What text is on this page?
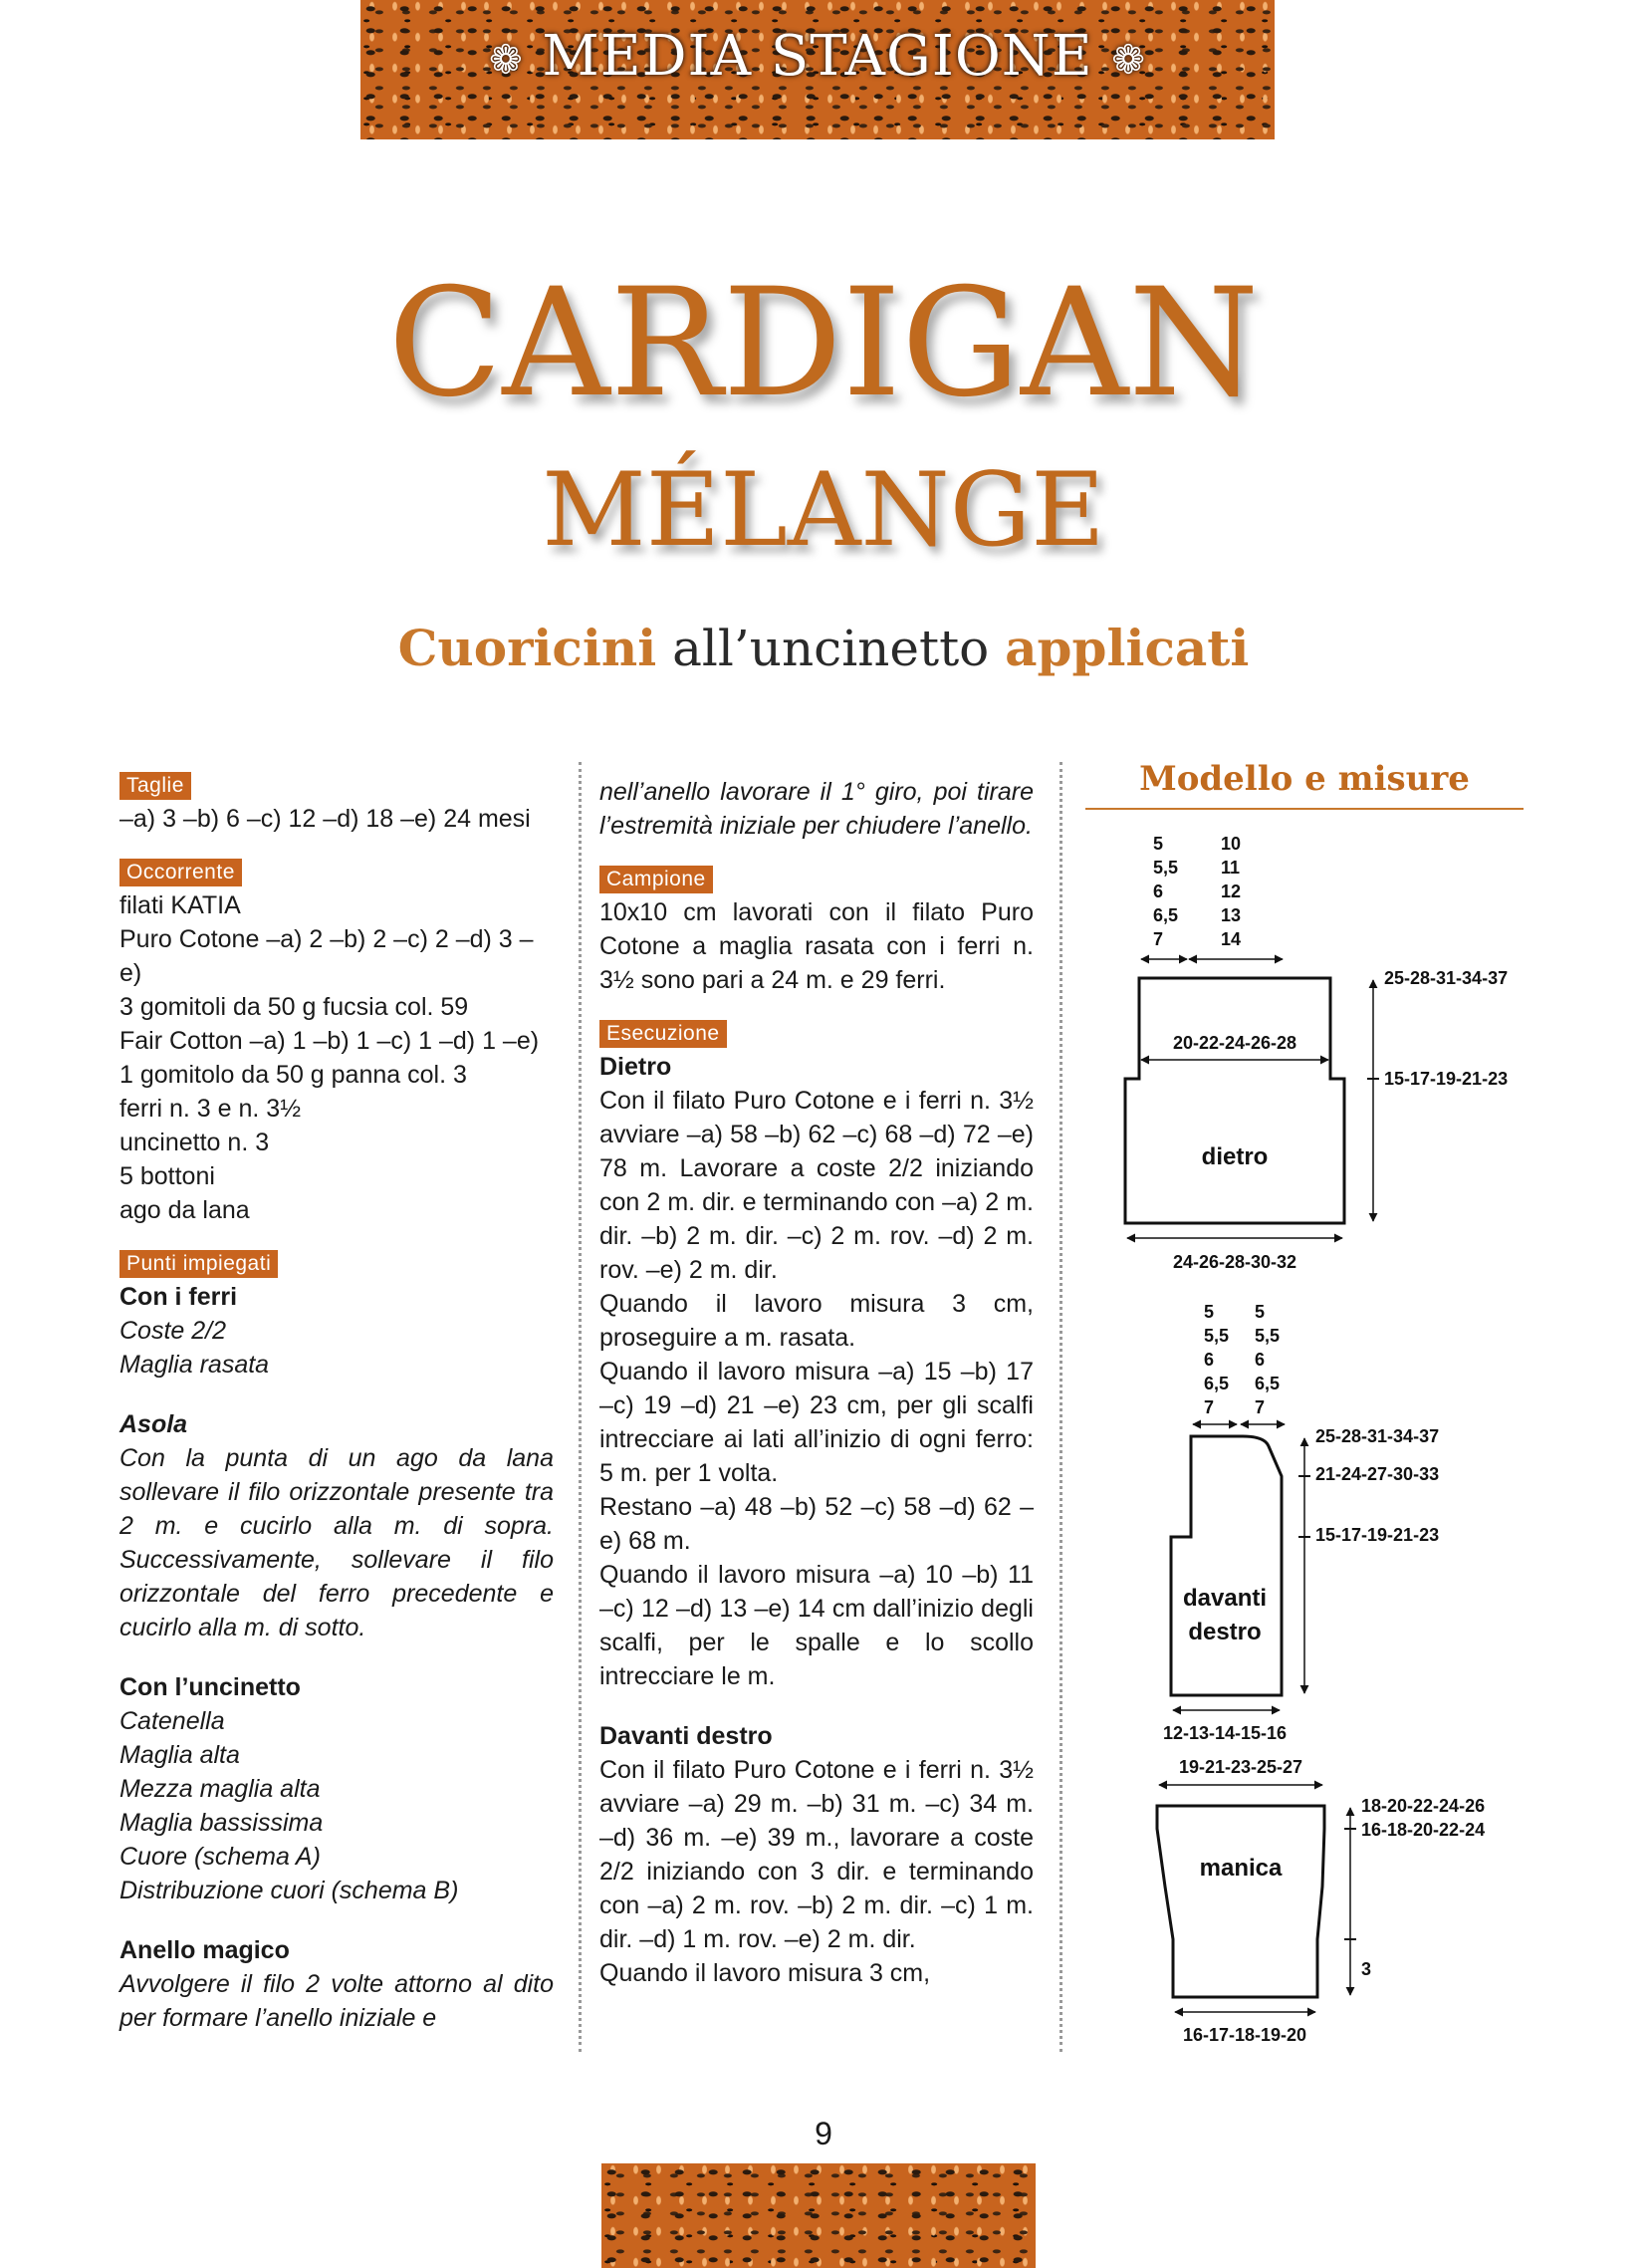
❁ MEDIA STAGIONE ❁
CARDIGAN
MÉLANGE
Cuoricini all’uncinetto applicati
Taglie
–a) 3 –b) 6 –c) 12 –d) 18 –e) 24 mesi
Occorrente
filati KATIA
Puro Cotone –a) 2 –b) 2 –c) 2 –d) 3 –e)
3 gomitoli da 50 g fucsia col. 59
Fair Cotton –a) 1 –b) 1 –c) 1 –d) 1 –e)
1 gomitolo da 50 g panna col. 3
ferri n. 3 e n. 3½
uncinetto n. 3
5 bottoni
ago da lana
Punti impiegati
Con i ferri
Coste 2/2
Maglia rasata
Asola
Con la punta di un ago da lana sollevare il filo orizzontale presente tra 2 m. e cucirlo alla m. di sopra. Successivamente, sollevare il filo orizzontale del ferro precedente e cucirlo alla m. di sotto.
Con l’uncinetto
Catenella
Maglia alta
Mezza maglia alta
Maglia bassissima
Cuore (schema A)
Distribuzione cuori (schema B)
Anello magico
Avvolgere il filo 2 volte attorno al dito per formare l’anello iniziale e
nell’anello lavorare il 1° giro, poi tirare l’estremità iniziale per chiudere l’anello.
Campione
10x10 cm lavorati con il filato Puro Cotone a maglia rasata con i ferri n. 3½ sono pari a 24 m. e 29 ferri.
Esecuzione
Dietro
Con il filato Puro Cotone e i ferri n. 3½ avviare –a) 58 –b) 62 –c) 68 –d) 72 –e) 78 m. Lavorare a coste 2/2 iniziando con 2 m. dir. e terminando con –a) 2 m. dir. –b) 2 m. dir. –c) 2 m. rov. –d) 2 m. rov. –e) 2 m. dir.
Quando il lavoro misura 3 cm, proseguire a m. rasata.
Quando il lavoro misura –a) 15 –b) 17 –c) 19 –d) 21 –e) 23 cm, per gli scalfi intrecciare ai lati all’inizio di ogni ferro: 5 m. per 1 volta.
Restano –a) 48 –b) 52 –c) 58 –d) 62 –e) 68 m.
Quando il lavoro misura –a) 10 –b) 11 –c) 12 –d) 13 –e) 14 cm dall’inizio degli scalfi, per le spalle e lo scollo intrecciare le m.
Davanti destro
Con il filato Puro Cotone e i ferri n. 3½ avviare –a) 29 m. –b) 31 m. –c) 34 m. –d) 36 m. –e) 39 m., lavorare a coste 2/2 iniziando con 3 dir. e terminando con –a) 2 m. rov. –b) 2 m. dir. –c) 1 m. dir. –d) 1 m. rov. –e) 2 m. dir.
Quando il lavoro misura 3 cm,
Modello e misure
dietro
5
5,5
6
6,5
7
10
11
12
13
14
20-22-24-26-28
24-26-28-30-32
25-28-31-34-37
15-17-19-21-23
davanti
destro
5
5,5
6
6,5
7
5
5,5
6
6,5
7
12-13-14-15-16
25-28-31-34-37
21-24-27-30-33
15-17-19-21-23
manica
19-21-23-25-27
16-17-18-19-20
18-20-22-24-26
16-18-20-22-24
3
9
